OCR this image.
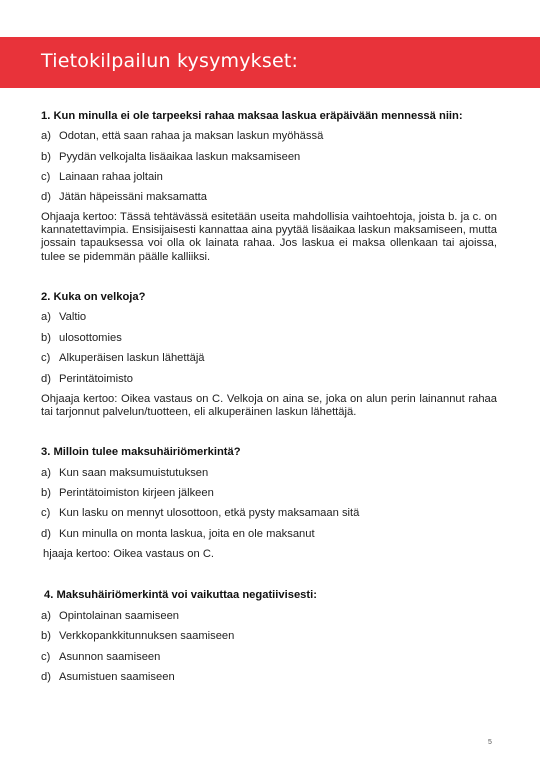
Tietokilpailun kysymykset:
1. Kun minulla ei ole tarpeeksi rahaa maksaa laskua eräpäivään mennessä niin:
a) Odotan, että saan rahaa ja maksan laskun myöhässä
b) Pyydän velkojalta lisäaikaa laskun maksamiseen
c) Lainaan rahaa joltain
d) Jätän häpeissäni maksamatta
Ohjaaja kertoo: Tässä tehtävässä esitetään useita mahdollisia vaihtoehtoja, joista b. ja c. on kannatettavimpia. Ensisijaisesti kannattaa aina pyytää lisäaikaa laskun maksamiseen, mutta jossain tapauksessa voi olla ok lainata rahaa. Jos laskua ei maksa ollenkaan tai ajoissa, tulee se pidemmän päälle kalliiksi.
2. Kuka on velkoja?
a) Valtio
b) ulosottomies
c) Alkuperäisen laskun lähettäjä
d) Perintätoimisto
Ohjaaja kertoo: Oikea vastaus on C. Velkoja on aina se, joka on alun perin lainannut rahaa tai tarjonnut palvelun/tuotteen, eli alkuperäinen laskun lähettäjä.
3. Milloin tulee maksuhäiriömerkintä?
a) Kun saan maksumuistutuksen
b) Perintätoimiston kirjeen jälkeen
c) Kun lasku on mennyt ulosottoon, etkä pysty maksamaan sitä
d) Kun minulla on monta laskua, joita en ole maksanut
hjaaja kertoo: Oikea vastaus on C.
4. Maksuhäiriömerkintä voi vaikuttaa negatiivisesti:
a) Opintolainan saamiseen
b) Verkkopankkitunnuksen saamiseen
c) Asunnon saamiseen
d) Asumistuen saamiseen
5
